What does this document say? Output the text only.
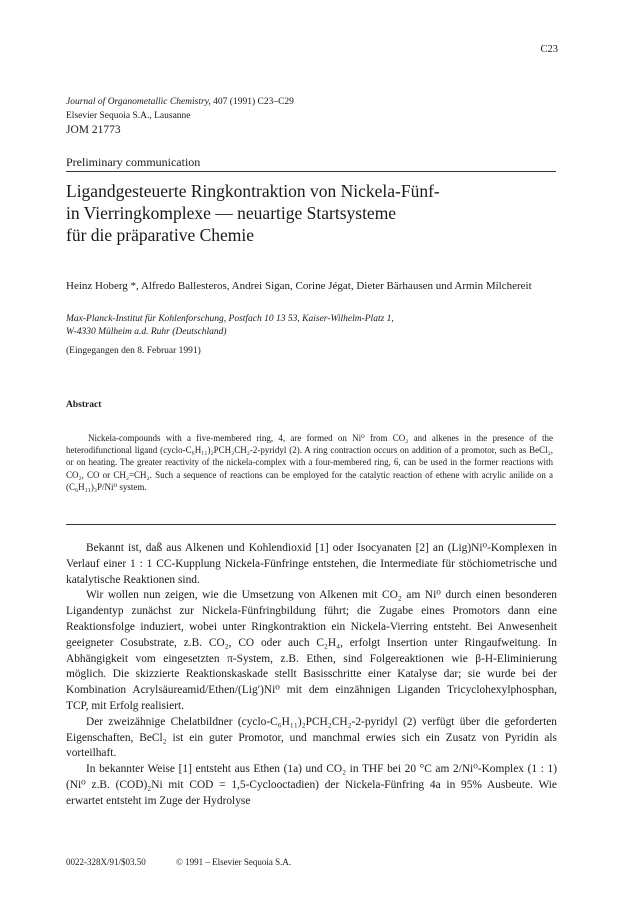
C23
Journal of Organometallic Chemistry, 407 (1991) C23–C29
Elsevier Sequoia S.A., Lausanne
JOM 21773
Preliminary communication
Ligandgesteuerte Ringkontraktion von Nickela-Fünf-
in Vierringkomplexe — neuartige Startsysteme
für die präparative Chemie
Heinz Hoberg *, Alfredo Ballesteros, Andrei Sigan, Corine Jégat, Dieter Bärhausen und Armin Milchereit
Max-Planck-Institut für Kohlenforschung, Postfach 10 13 53, Kaiser-Wilhelm-Platz 1,
W-4330 Mülheim a.d. Ruhr (Deutschland)
(Eingegangen den 8. Februar 1991)
Abstract
Nickela-compounds with a five-membered ring, 4, are formed on Ni⁰ from CO₂ and alkenes in the presence of the heterodifunctional ligand (cyclo-C₆H₁₁)₂PCH₂CH₂-2-pyridyl (2). A ring contraction occurs on addition of a promotor, such as BeCl₂, or on heating. The greater reactivity of the nickela-complex with a four-membered ring, 6, can be used in the former reactions with CO₂, CO or CH₂=CH₂. Such a sequence of reactions can be employed for the catalytic reaction of ethene with acrylic anilide on a (C₆H₁₁)₃P/Ni⁰ system.

Bekannt ist, daß aus Alkenen und Kohlendioxid [1] oder Isocyanaten [2] an (Lig)Ni⁰-Komplexen in Verlauf einer 1 : 1 CC-Kupplung Nickela-Fünfringe entstehen, die Intermediate für stöchiometrische und katalytische Reaktionen sind.

Wir wollen nun zeigen, wie die Umsetzung von Alkenen mit CO₂ am Ni⁰ durch einen besonderen Ligandentyp zunächst zur Nickela-Fünfringbildung führt; die Zugabe eines Promotors dann eine Reaktionsfolge induziert, wobei unter Ringkontraktion ein Nickela-Vierring entsteht. Bei Anwesenheit geeigneter Cosubstrate, z.B. CO₂, CO oder auch C₂H₄, erfolgt Insertion unter Ringaufweitung. In Abhängigkeit vom eingesetzten π-System, z.B. Ethen, sind Folgereaktionen wie β-H-Eliminierung möglich. Die skizzierte Reaktionskaskade stellt Basisschritte einer Katalyse dar; sie wurde bei der Kombination Acrylsäureamid/Ethen/(Lig′)Ni⁰ mit dem einzähnigen Liganden Tricyclohexylphosphan, TCP, mit Erfolg realisiert.

Der zweizähnige Chelatbildner (cyclo-C₆H₁₁)₂PCH₂CH₂-2-pyridyl (2) verfügt über die geforderten Eigenschaften, BeCl₂ ist ein guter Promotor, und manchmal erwies sich ein Zusatz von Pyridin als vorteilhaft.

In bekannter Weise [1] entsteht aus Ethen (1a) und CO₂ in THF bei 20 °C am 2/Ni⁰-Komplex (1 : 1) (Ni⁰ z.B. (COD)₂Ni mit COD = 1,5-Cyclooctadien) der Nickela-Fünfring 4a in 95% Ausbeute. Wie erwartet entsteht im Zuge der Hydrolyse

0022-328X/91/$03.50	© 1991 – Elsevier Sequoia S.A.
